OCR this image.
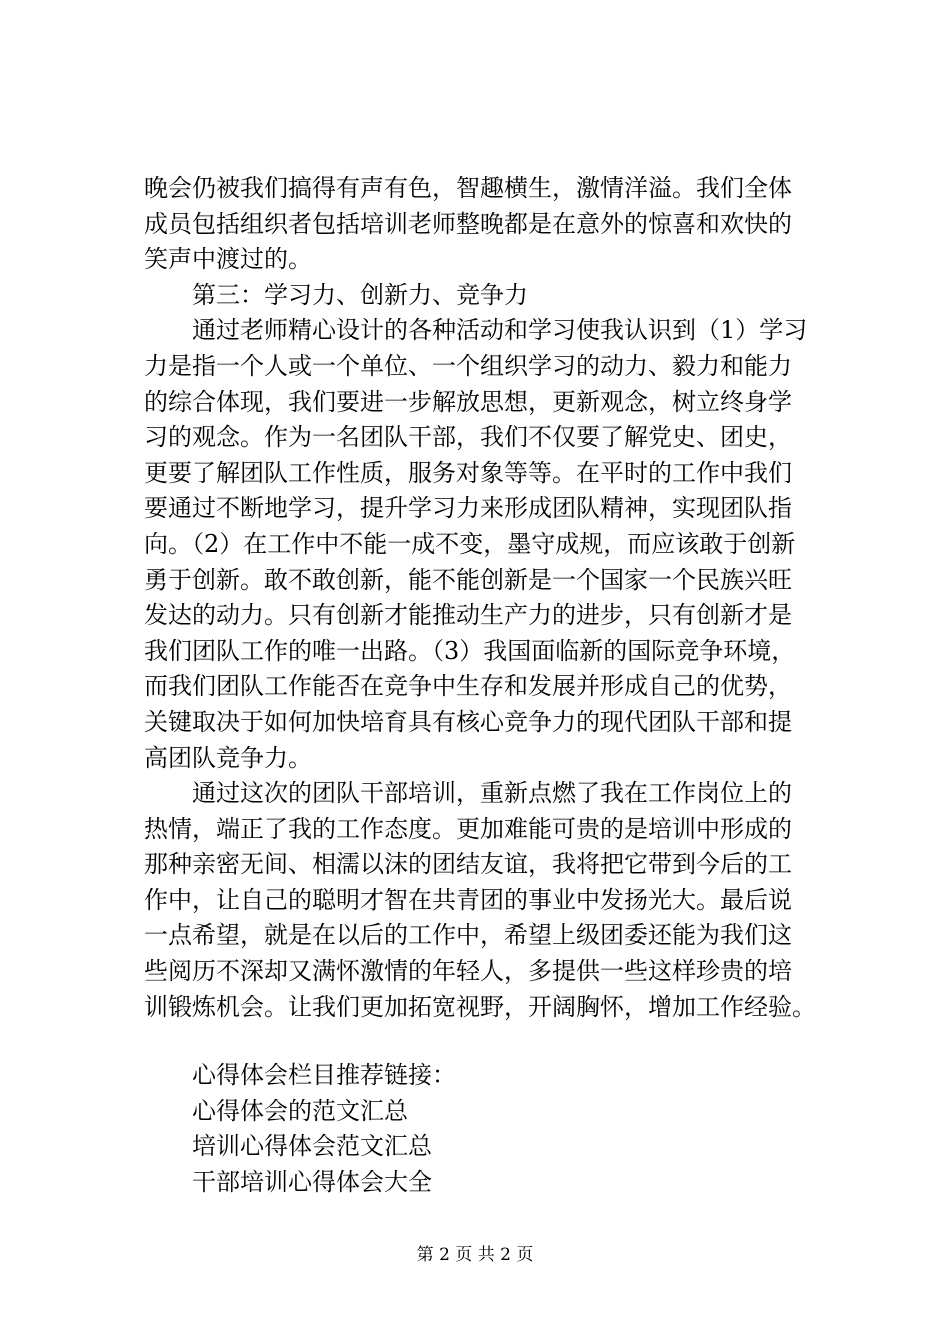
晚会仍被我们搞得有声有色，智趣横生，激情洋溢。我们全体
成员包括组织者包括培训老师整晚都是在意外的惊喜和欢快的
笑声中渡过的。
　　第三：学习力、创新力、竞争力
　　通过老师精心设计的各种活动和学习使我认识到（1）学习
力是指一个人或一个单位、一个组织学习的动力、毅力和能力
的综合体现，我们要进一步解放思想，更新观念，树立终身学
习的观念。作为一名团队干部，我们不仅要了解党史、团史，
更要了解团队工作性质，服务对象等等。在平时的工作中我们
要通过不断地学习，提升学习力来形成团队精神，实现团队指
向。（2）在工作中不能一成不变，墨守成规，而应该敢于创新
勇于创新。敢不敢创新，能不能创新是一个国家一个民族兴旺
发达的动力。只有创新才能推动生产力的进步，只有创新才是
我们团队工作的唯一出路。（3）我国面临新的国际竞争环境，
而我们团队工作能否在竞争中生存和发展并形成自己的优势，
关键取决于如何加快培育具有核心竞争力的现代团队干部和提
高团队竞争力。
　　通过这次的团队干部培训，重新点燃了我在工作岗位上的
热情，端正了我的工作态度。更加难能可贵的是培训中形成的
那种亲密无间、相濡以沫的团结友谊，我将把它带到今后的工
作中，让自己的聪明才智在共青团的事业中发扬光大。最后说
一点希望，就是在以后的工作中，希望上级团委还能为我们这
些阅历不深却又满怀激情的年轻人，多提供一些这样珍贵的培
训锻炼机会。让我们更加拓宽视野，开阔胸怀，增加工作经验。
　　心得体会栏目推荐链接：
　　心得体会的范文汇总
　　培训心得体会范文汇总
　　干部培训心得体会大全
第 2 页 共 2 页
